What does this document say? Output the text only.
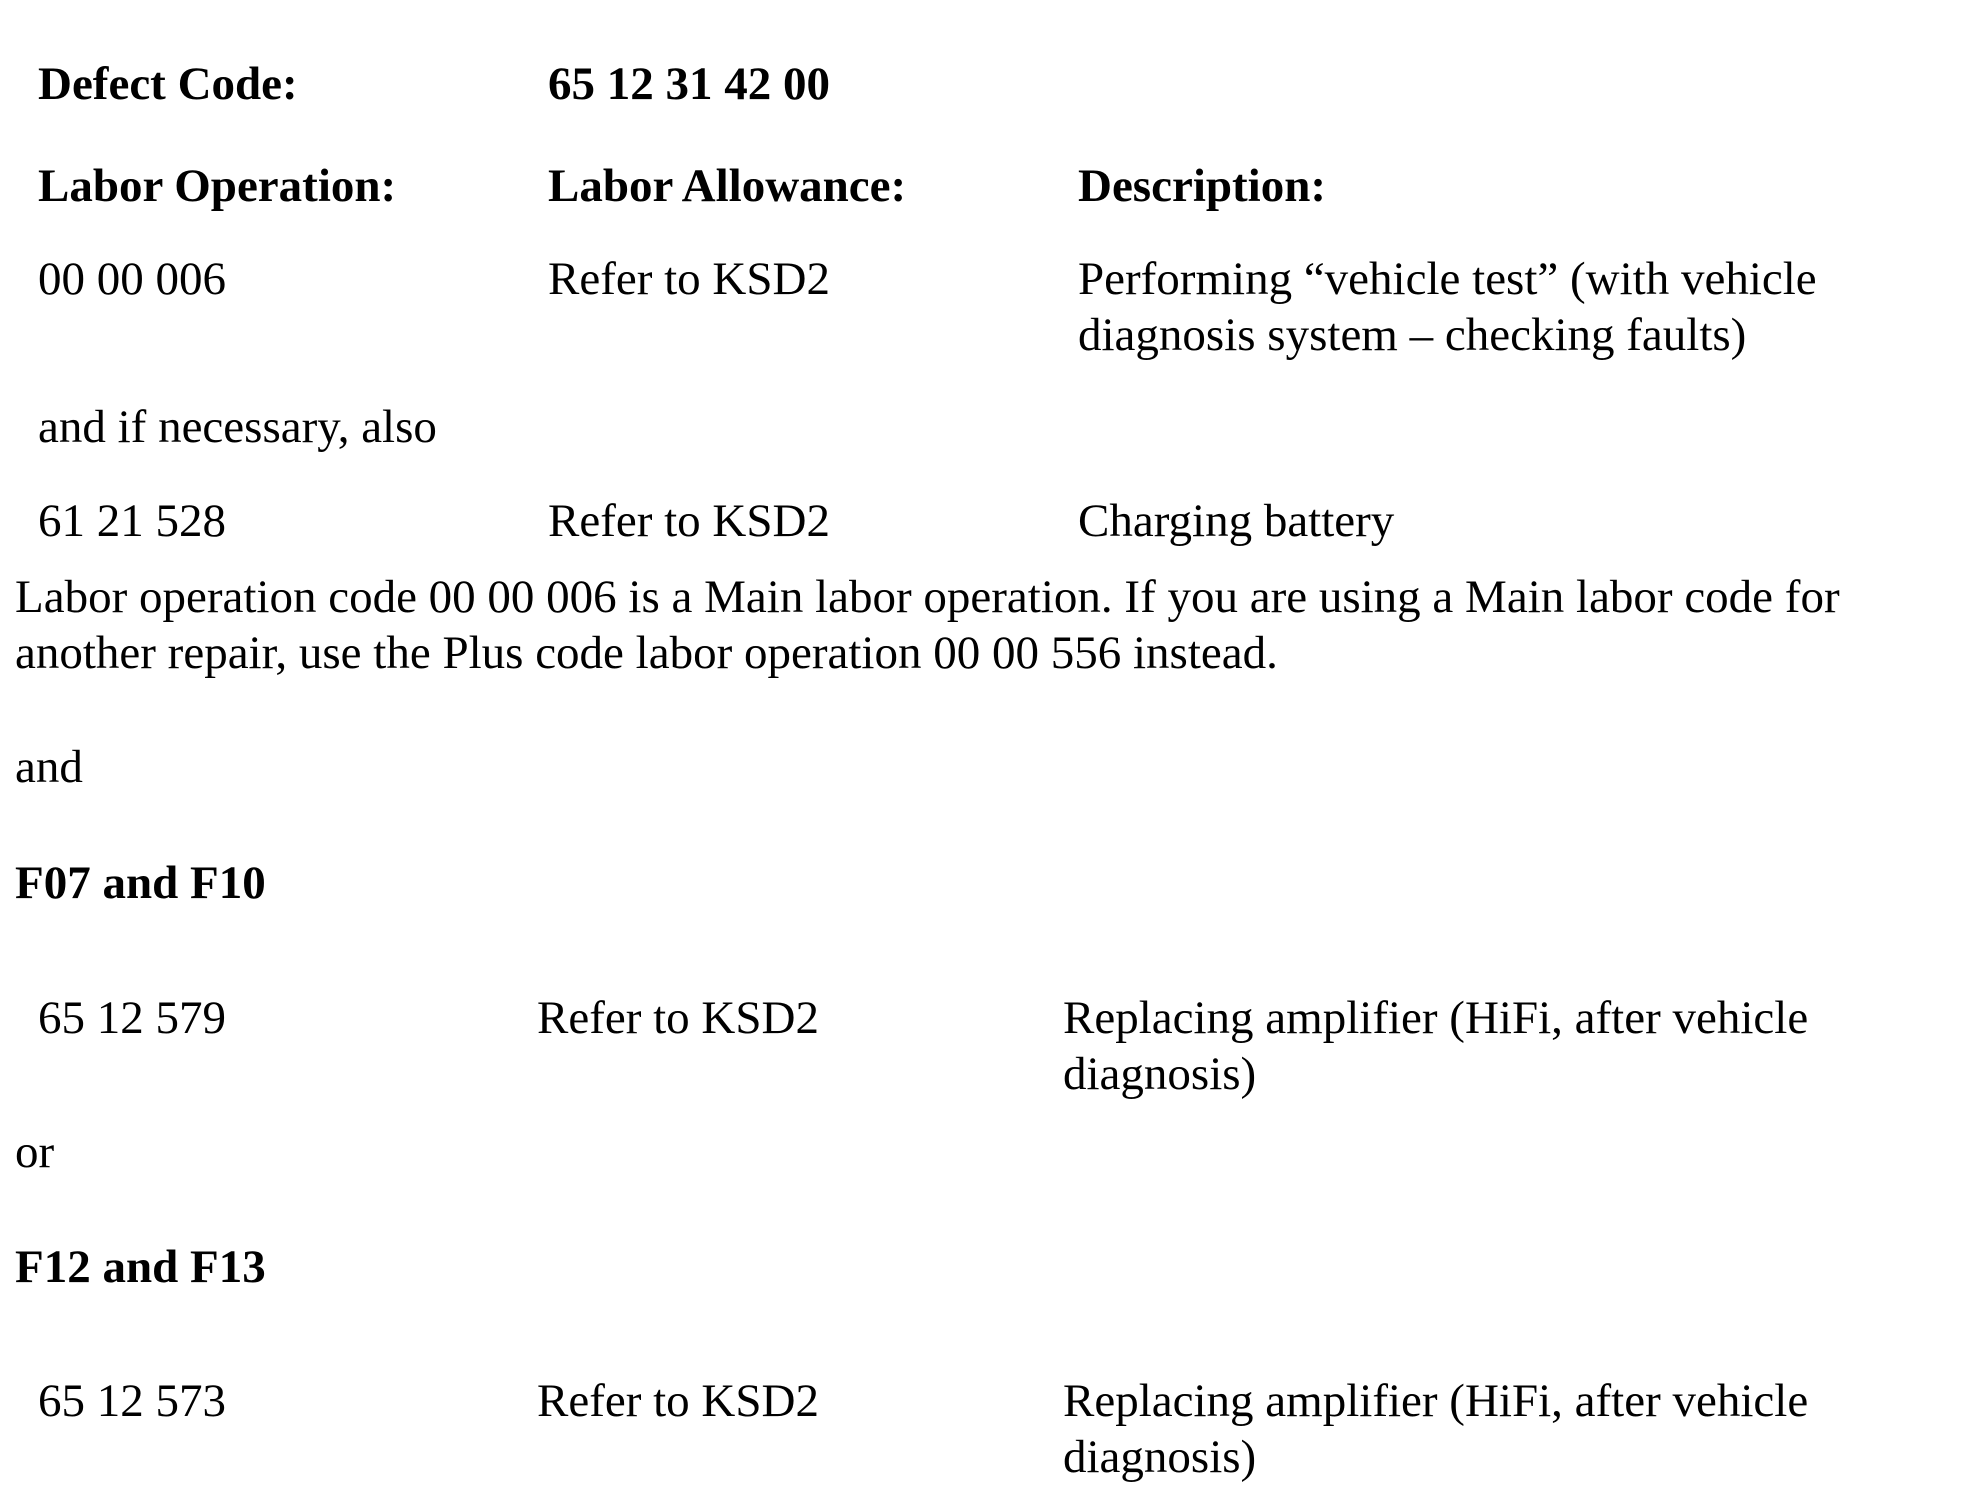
Defect Code:	65 12 31 42 00
Labor Operation:	Labor Allowance:	Description:
00 00 006	Refer to KSD2	Performing “vehicle test” (with vehicle
diagnosis system – checking faults)
and if necessary, also
61 21 528	Refer to KSD2	Charging battery
Labor operation code 00 00 006 is a Main labor operation. If you are using a Main labor code for
another repair, use the Plus code labor operation 00 00 556 instead.
and
F07 and F10
65 12 579	Refer to KSD2	Replacing amplifier (HiFi, after vehicle
diagnosis)
or
F12 and F13
65 12 573	Refer to KSD2	Replacing amplifier (HiFi, after vehicle
diagnosis)
